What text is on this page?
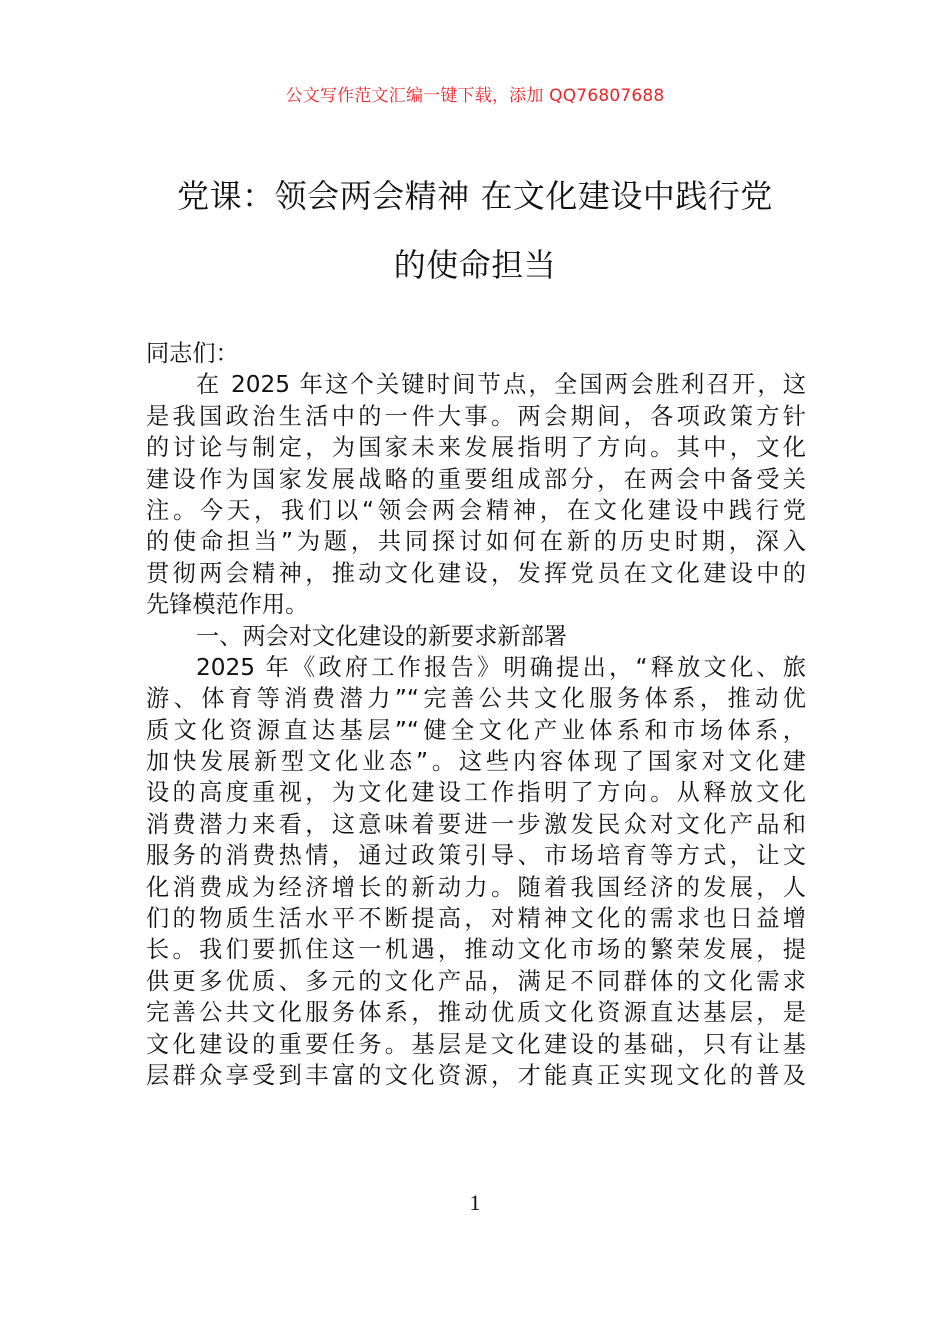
公文写作范文汇编一键下载，添加 QQ76807688
党课：领会两会精神 在文化建设中践行党
的使命担当
同志们：
在 2025 年这个关键时间节点，全国两会胜利召开，这
是我国政治生活中的一件大事。两会期间，各项政策方针
的讨论与制定，为国家未来发展指明了方向。其中，文化
建设作为国家发展战略的重要组成部分，在两会中备受关
注。今天，我们以“领会两会精神，在文化建设中践行党
的使命担当”为题，共同探讨如何在新的历史时期，深入
贯彻两会精神，推动文化建设，发挥党员在文化建设中的
先锋模范作用。
一、两会对文化建设的新要求新部署
2025 年《政府工作报告》明确提出，“释放文化、旅
游、体育等消费潜力”“完善公共文化服务体系，推动优
质文化资源直达基层”“健全文化产业体系和市场体系，
加快发展新型文化业态”。这些内容体现了国家对文化建
设的高度重视，为文化建设工作指明了方向。从释放文化
消费潜力来看，这意味着要进一步激发民众对文化产品和
服务的消费热情，通过政策引导、市场培育等方式，让文
化消费成为经济增长的新动力。随着我国经济的发展，人
们的物质生活水平不断提高，对精神文化的需求也日益增
长。我们要抓住这一机遇，推动文化市场的繁荣发展，提
供更多优质、多元的文化产品，满足不同群体的文化需求
完善公共文化服务体系，推动优质文化资源直达基层，是
文化建设的重要任务。基层是文化建设的基础，只有让基
层群众享受到丰富的文化资源，才能真正实现文化的普及
1
